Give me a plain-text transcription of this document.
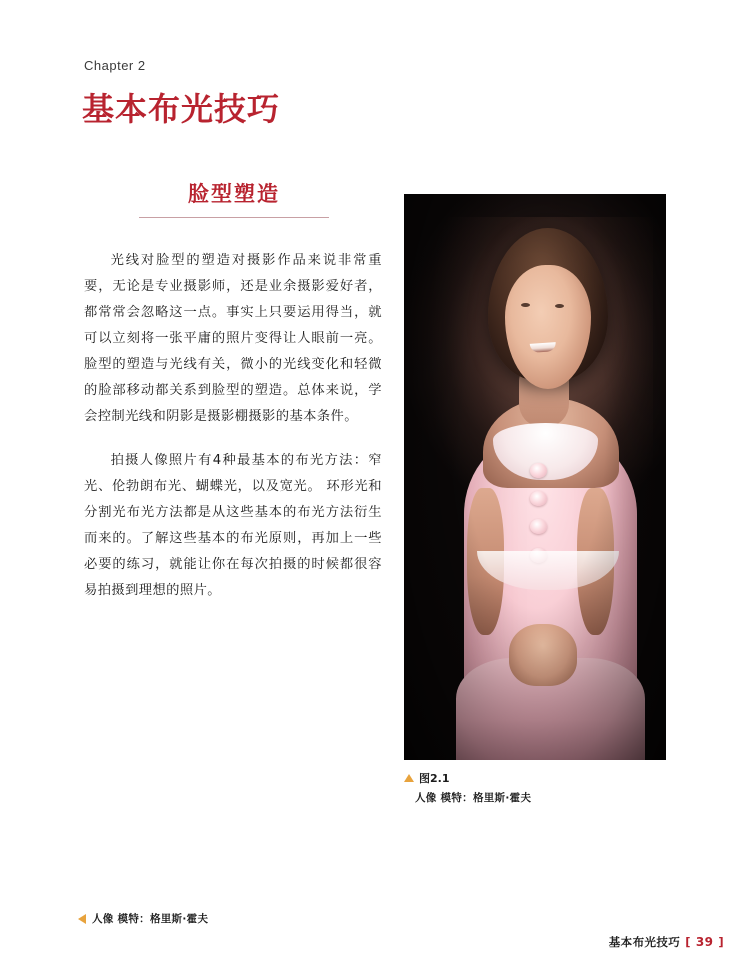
Chapter 2
基本布光技巧
脸型塑造

光线对脸型的塑造对摄影作品来说非常重要，无论是专业摄影师，还是业余摄影爱好者，都常常会忽略这一点。事实上只要运用得当，就可以立刻将一张平庸的照片变得让人眼前一亮。脸型的塑造与光线有关，微小的光线变化和轻微的脸部移动都关系到脸型的塑造。总体来说，学会控制光线和阴影是摄影棚摄影的基本条件。

拍摄人像照片有4种最基本的布光方法：窄光、伦勃朗布光、蝴蝶光，以及宽光。 环形光和分割光布光方法都是从这些基本的布光方法衍生而来的。了解这些基本的布光原则，再加上一些必要的练习，就能让你在每次拍摄的时候都很容易拍摄到理想的照片。

图2.1
人像 模特：格里斯·霍夫
人像 模特：格里斯·霍夫
基本布光技巧 [ 39 ]
